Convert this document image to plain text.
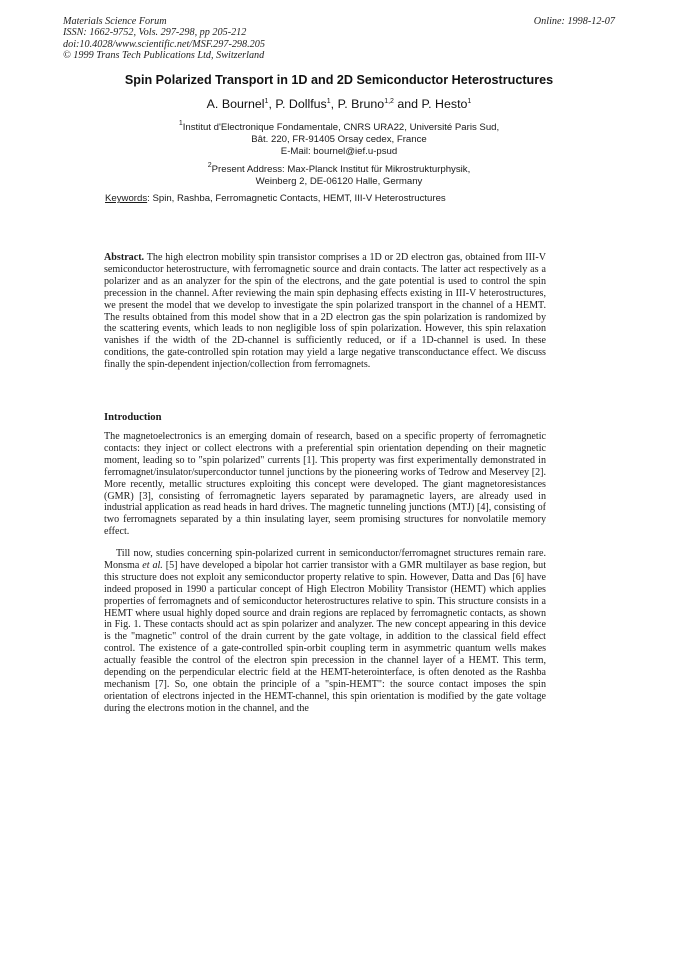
Materials Science Forum
ISSN: 1662-9752, Vols. 297-298, pp 205-212
doi:10.4028/www.scientific.net/MSF.297-298.205
© 1999 Trans Tech Publications Ltd, Switzerland
Online: 1998-12-07
Spin Polarized Transport in 1D and 2D Semiconductor Heterostructures
A. Bournel$^1$, P. Dollfus$^1$, P. Bruno$^{1,2}$ and P. Hesto$^1$
$^1$Institut d'Electronique Fondamentale, CNRS URA22, Université Paris Sud,
Bât. 220, FR-91405 Orsay cedex, France
E-Mail: bournel@ief.u-psud
$^2$Present Address: Max-Planck Institut für Mikrostrukturphysik,
Weinberg 2, DE-06120 Halle, Germany
Keywords: Spin, Rashba, Ferromagnetic Contacts, HEMT, III-V Heterostructures
Abstract. The high electron mobility spin transistor comprises a 1D or 2D electron gas, obtained from III-V semiconductor heterostructure, with ferromagnetic source and drain contacts. The latter act respectively as a polarizer and as an analyzer for the spin of the electrons, and the gate potential is used to control the spin precession in the channel. After reviewing the main spin dephasing effects existing in III-V heterostructures, we present the model that we develop to investigate the spin polarized transport in the channel of a HEMT. The results obtained from this model show that in a 2D electron gas the spin polarization is randomized by the scattering events, which leads to non negligible loss of spin polarization. However, this spin relaxation vanishes if the width of the 2D-channel is sufficiently reduced, or if a 1D-channel is used. In these conditions, the gate-controlled spin rotation may yield a large negative transconductance effect. We discuss finally the spin-dependent injection/collection from ferromagnets.
Introduction
The magnetoelectronics is an emerging domain of research, based on a specific property of ferromagnetic contacts: they inject or collect electrons with a preferential spin orientation depending on their magnetic moment, leading so to "spin polarized" currents [1]. This property was first experimentally demonstrated in ferromagnet/insulator/superconductor tunnel junctions by the pioneering works of Tedrow and Meservey [2]. More recently, metallic structures exploiting this concept were developed. The giant magnetoresistances (GMR) [3], consisting of ferromagnetic layers separated by paramagnetic layers, are already used in industrial application as read heads in hard drives. The magnetic tunneling junctions (MTJ) [4], consisting of two ferromagnets separated by a thin insulating layer, seem promising structures for nonvolatile memory effect.
Till now, studies concerning spin-polarized current in semiconductor/ferromagnet structures remain rare. Monsma et al. [5] have developed a bipolar hot carrier transistor with a GMR multilayer as base region, but this structure does not exploit any semiconductor property relative to spin. However, Datta and Das [6] have indeed proposed in 1990 a particular concept of High Electron Mobility Transistor (HEMT) which applies properties of ferromagnets and of semiconductor heterostructures relative to spin. This structure consists in a HEMT where usual highly doped source and drain regions are replaced by ferromagnetic contacts, as shown in Fig. 1. These contacts should act as spin polarizer and analyzer. The new concept appearing in this device is the "magnetic" control of the drain current by the gate voltage, in addition to the classical field effect control. The existence of a gate-controlled spin-orbit coupling term in asymmetric quantum wells makes actually feasible the control of the electron spin precession in the channel layer of a HEMT. This term, depending on the perpendicular electric field at the HEMT-heterointerface, is often denoted as the Rashba mechanism [7]. So, one obtain the principle of a "spin-HEMT": the source contact imposes the spin orientation of electrons injected in the HEMT-channel, this spin orientation is modified by the gate voltage during the electrons motion in the channel, and the
